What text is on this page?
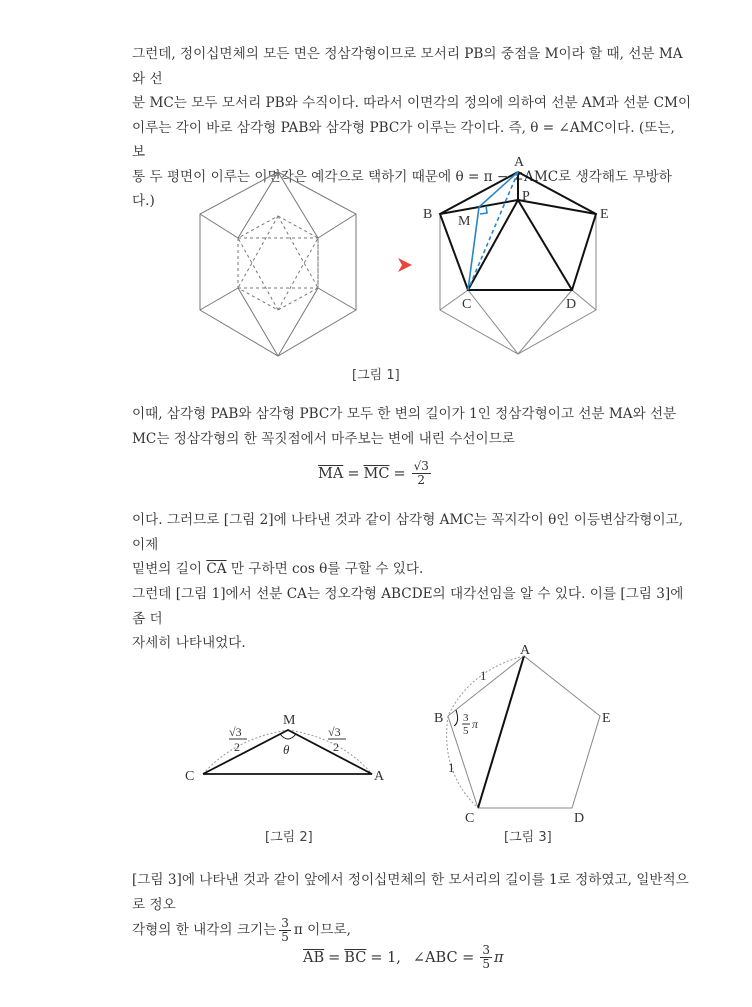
그런데, 정이십면체의 모든 면은 정삼각형이므로 모서리 PB의 중점을 M이라 할 때, 선분 MA와 선

분 MC는 모두 모서리 PB와 수직이다. 따라서 이면각의 정의에 의하여 선분 AM과 선분 CM이

이루는 각이 바로 삼각형 PAB와 삼각형 PBC가 이루는 각이다. 즉, θ = ∠AMC이다. (또는, 보

통 두 평면이 이루는 이면각은 예각으로 택하기 때문에 θ = π − ∠AMC로 생각해도 무방하다.)

A
B
P
E
M
C	D
[그림 1]

이때, 삼각형 PAB와 삼각형 PBC가 모두 한 변의 길이가 1인 정삼각형이고 선분 MA와 선분

MC는 정삼각형의 한 꼭짓점에서 마주보는 변에 내린 수선이므로

$\overline{MA} = \overline{MC} = \frac{√3}{2}$

이다. 그러므로 [그림 2]에 나타낸 것과 같이 삼각형 AMC는 꼭지각이 θ인 이등변삼각형이고, 이제

밑변의 길이 $\overline{CA}$ 만 구하면 cos θ를 구할 수 있다.

그런데 [그림 1]에서 선분 CA는 정오각형 ABCDE의 대각선임을 알 수 있다. 이를 [그림 3]에 좀 더

자세히 나타내었다.

M
C	A
θ
√3
2
√3
2
[그림 2]
A
B
C	D
E
1
1
3
5 π
[그림 3]

[그림 3]에 나타낸 것과 같이 앞에서 정이십면체의 한 모서리의 길이를 1로 정하였고, 일반적으로 정오

각형의 한 내각의 크기는 $\frac{3}{5}$ π 이므로,

$\overline{AB} = \overline{BC} = 1$, ∠ABC = $\frac{3}{5}$ π
